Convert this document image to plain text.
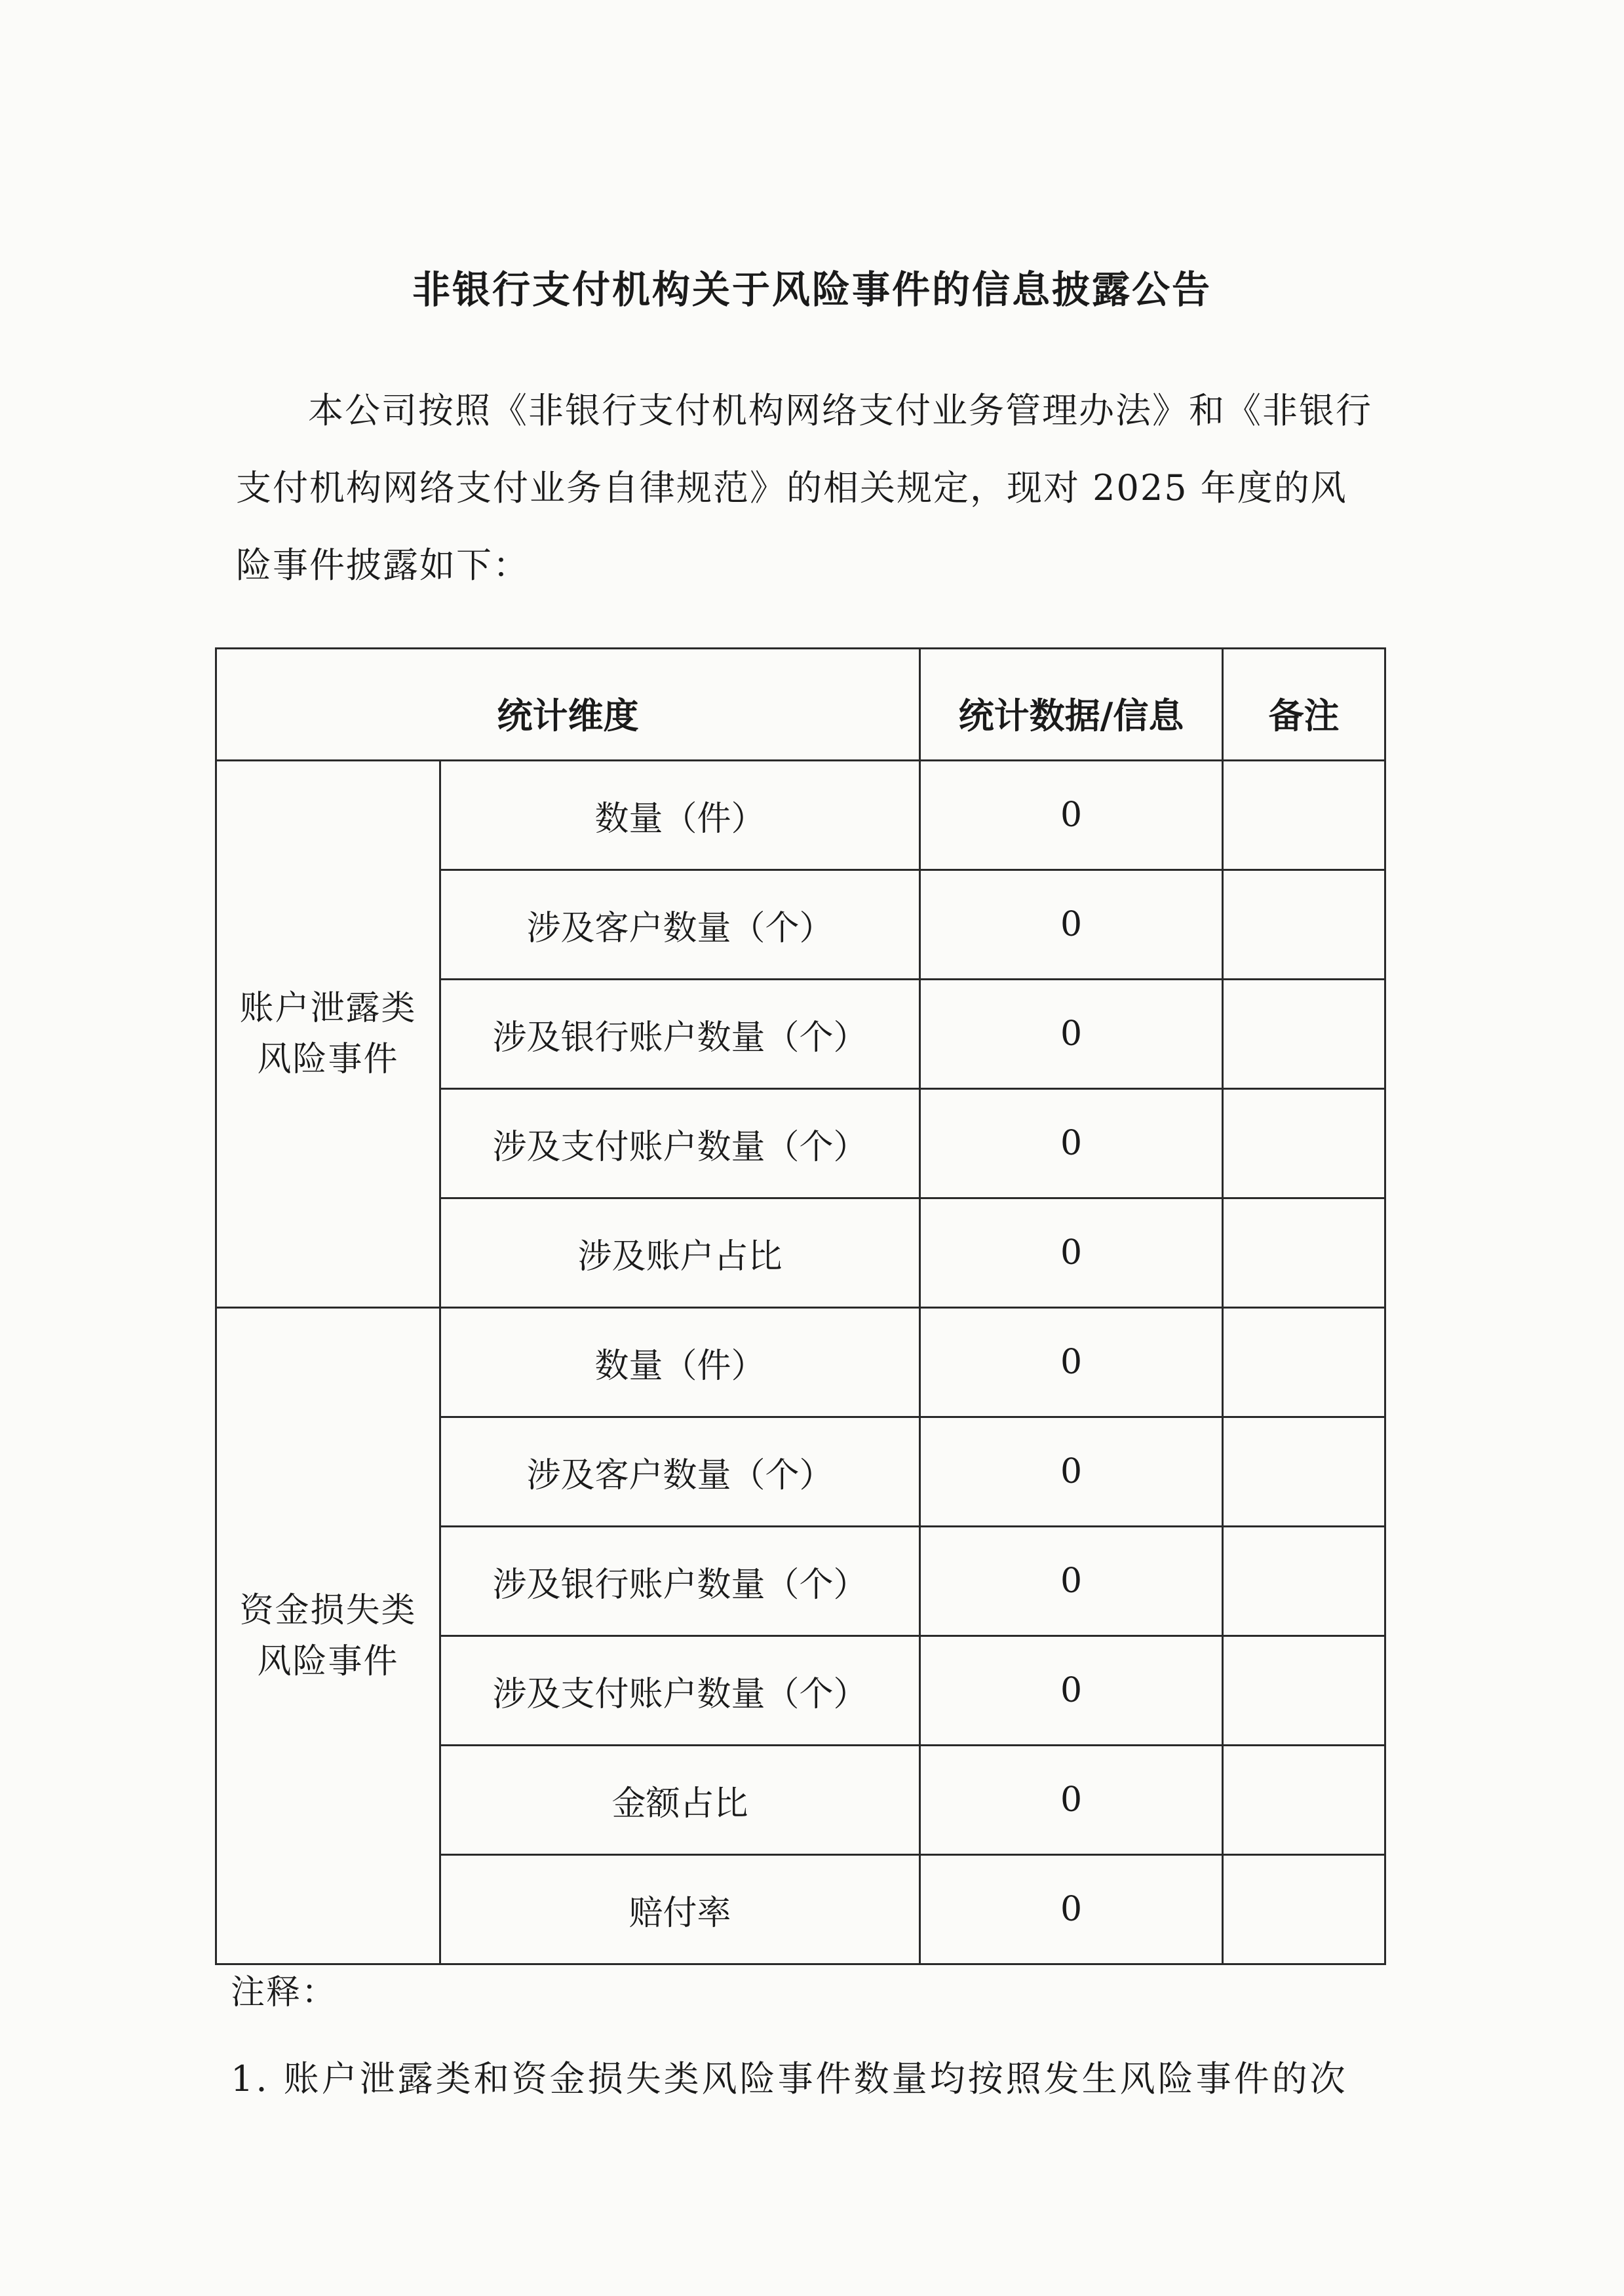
非银行支付机构关于风险事件的信息披露公告

本公司按照《非银行支付机构网络支付业务管理办法》和《非银行支付机构网络支付业务自律规范》的相关规定，现对 2025 年度的风险事件披露如下：

统计维度		统计数据/信息	备注

账户泄露类
风险事件	数量（件）	0	
	涉及客户数量（个）	0	
	涉及银行账户数量（个）	0	
	涉及支付账户数量（个）	0	
	涉及账户占比	0	

资金损失类
风险事件	数量（件）	0	
	涉及客户数量（个）	0	
	涉及银行账户数量（个）	0	
	涉及支付账户数量（个）	0	
	金额占比	0	
	赔付率	0	
注释：
1. 账户泄露类和资金损失类风险事件数量均按照发生风险事件的次
